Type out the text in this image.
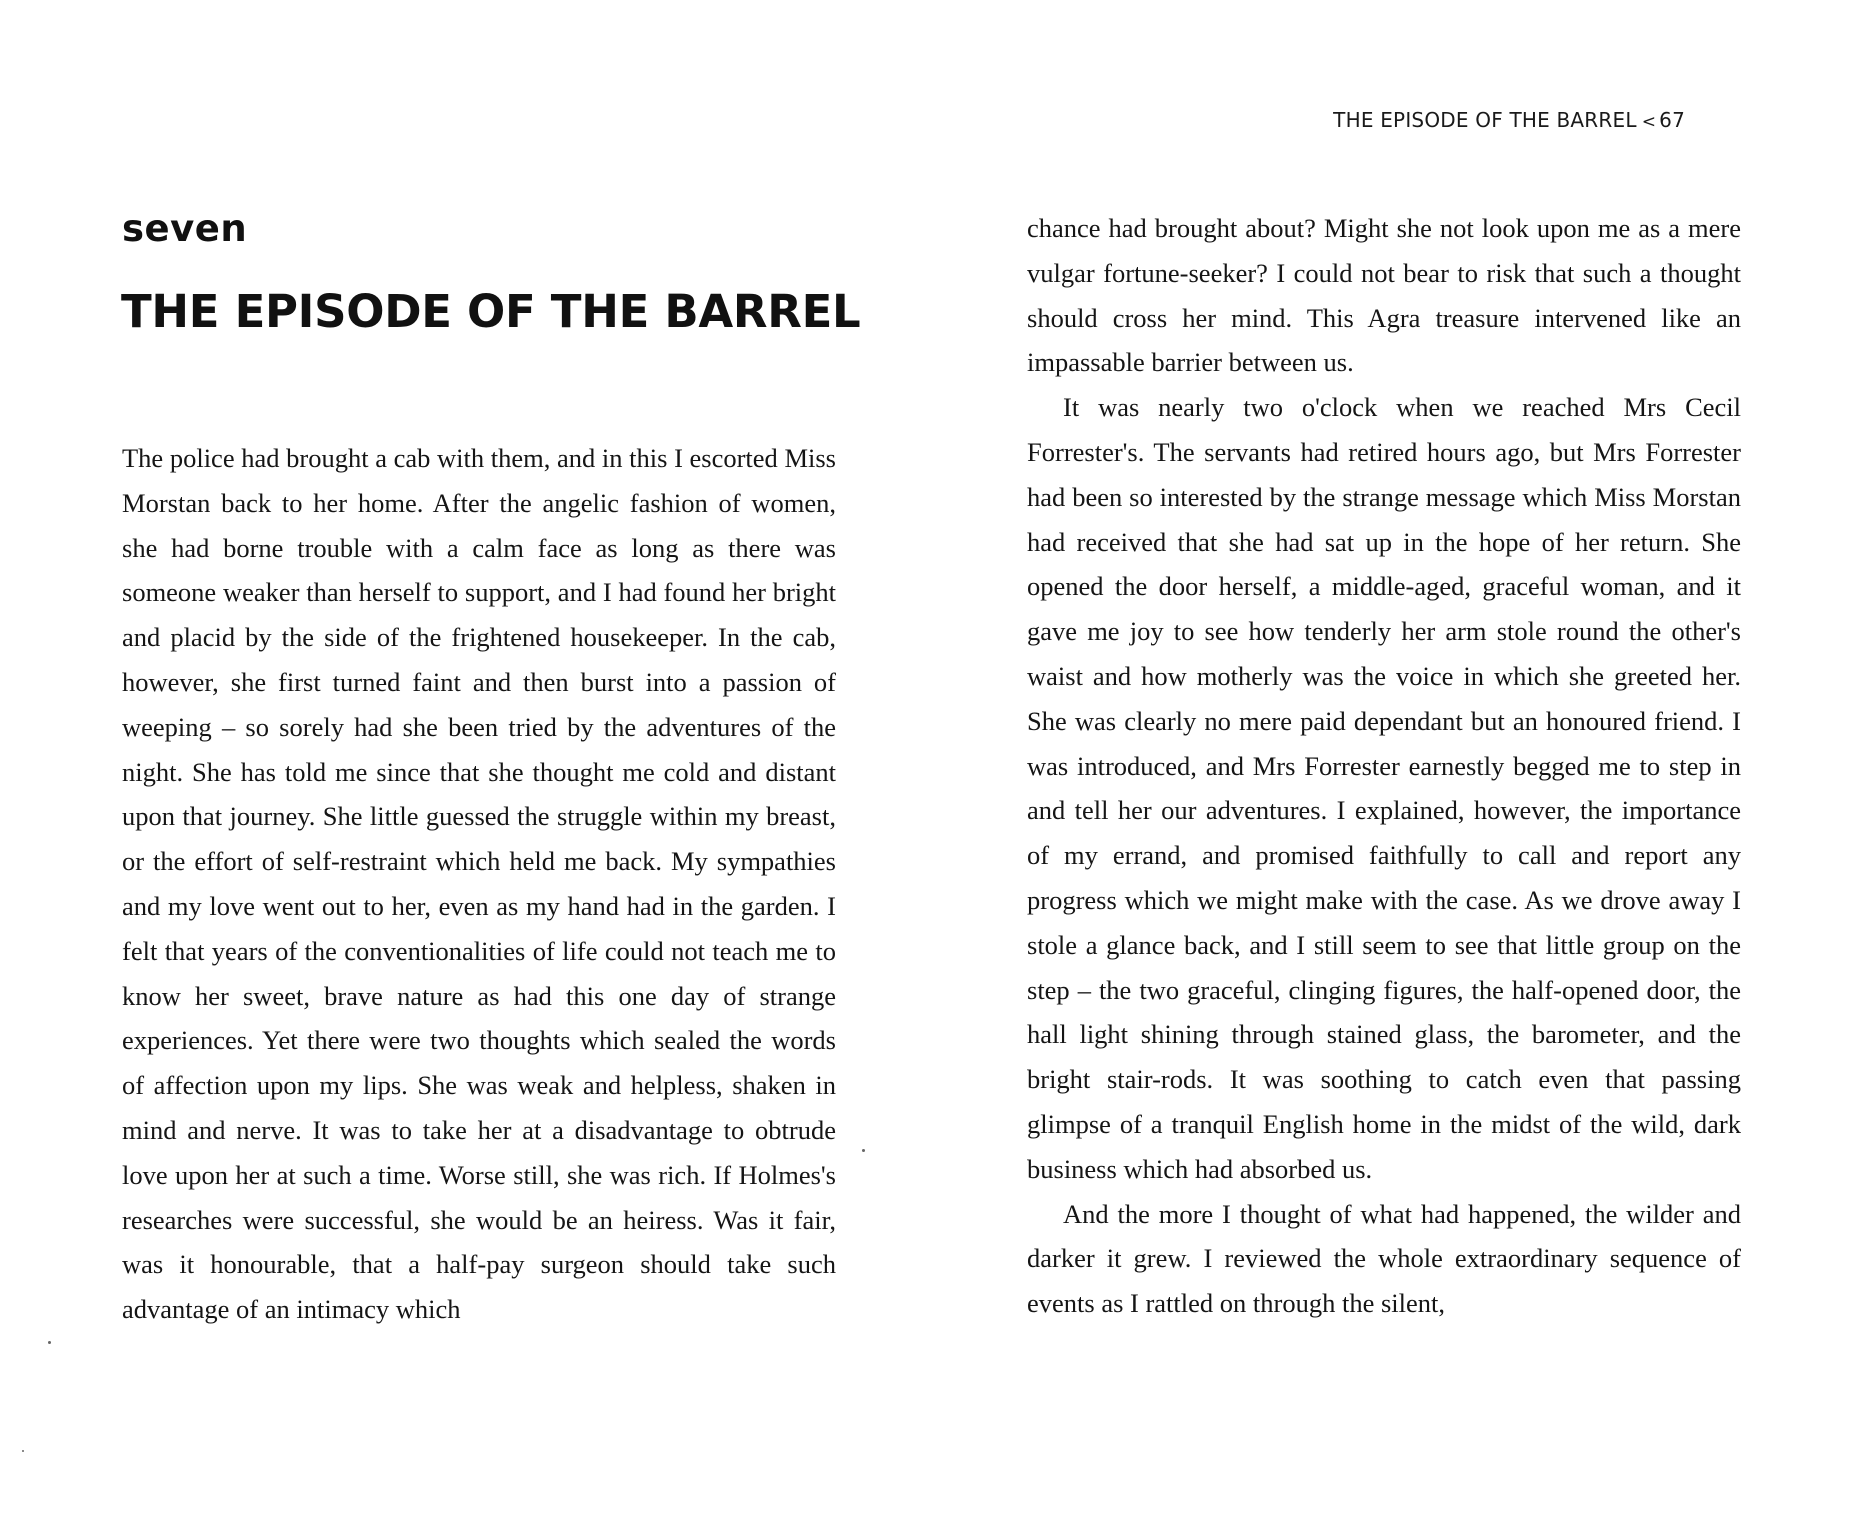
seven
THE EPISODE OF THE BARREL

The police had brought a cab with them, and in this I escorted Miss Morstan back to her home. After the angelic fashion of women, she had borne trouble with a calm face as long as there was someone weaker than herself to support, and I had found her bright and placid by the side of the frightened housekeeper. In the cab, however, she first turned faint and then burst into a passion of weeping – so sorely had she been tried by the adventures of the night. She has told me since that she thought me cold and distant upon that journey. She little guessed the struggle within my breast, or the effort of self-restraint which held me back. My sympathies and my love went out to her, even as my hand had in the garden. I felt that years of the conventionalities of life could not teach me to know her sweet, brave nature as had this one day of strange experiences. Yet there were two thoughts which sealed the words of affection upon my lips. She was weak and helpless, shaken in mind and nerve. It was to take her at a disadvantage to obtrude love upon her at such a time. Worse still, she was rich. If Holmes's researches were successful, she would be an heiress. Was it fair, was it honourable, that a half-pay surgeon should take such advantage of an intimacy which

THE EPISODE OF THE BARREL < 67

chance had brought about? Might she not look upon me as a mere vulgar fortune-seeker? I could not bear to risk that such a thought should cross her mind. This Agra treasure intervened like an impassable barrier between us.

It was nearly two o'clock when we reached Mrs Cecil Forrester's. The servants had retired hours ago, but Mrs Forrester had been so interested by the strange message which Miss Morstan had received that she had sat up in the hope of her return. She opened the door herself, a middle-aged, graceful woman, and it gave me joy to see how tenderly her arm stole round the other's waist and how motherly was the voice in which she greeted her. She was clearly no mere paid dependant but an honoured friend. I was introduced, and Mrs Forrester earnestly begged me to step in and tell her our adventures. I explained, however, the importance of my errand, and promised faithfully to call and report any progress which we might make with the case. As we drove away I stole a glance back, and I still seem to see that little group on the step – the two graceful, clinging figures, the half-opened door, the hall light shining through stained glass, the barometer, and the bright stair-rods. It was soothing to catch even that passing glimpse of a tranquil English home in the midst of the wild, dark business which had absorbed us.

And the more I thought of what had happened, the wilder and darker it grew. I reviewed the whole extraordinary sequence of events as I rattled on through the silent,
